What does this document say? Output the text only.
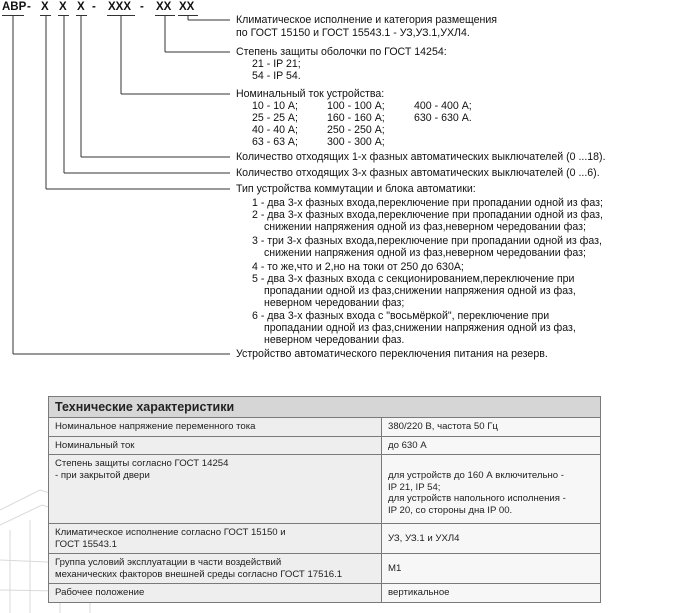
АВР - Х Х Х - ХХХ - ХХ ХХ
Климатическое исполнение и категория размещения
по ГОСТ 15150 и ГОСТ 15543.1 - УЗ,УЗ.1,УХЛ4.
Степень защиты оболочки по ГОСТ 14254:
21 - IP 21;
54 - IP 54.
Номинальный ток устройства:
10 - 10 А;	100 - 100 А;	400 - 400 А;
25 - 25 А;	160 - 160 А;	630 - 630 А.
40 - 40 А;	250 - 250 А;
63 - 63 А;	300 - 300 А;
Количество отходящих 1-х фазных автоматических выключателей (0 ...18).
Количество отходящих 3-х фазных автоматических выключателей (0 ...6).
Тип устройства коммутации и блока автоматики:
1 - два 3-х фазных входа,переключение при пропадании одной из фаз;
2 - два 3-х фазных входа,переключение при пропадании одной из фаз,
снижении напряжения одной из фаз,неверном чередовании фаз;
3 - три 3-х фазных входа,переключение при пропадании одной из фаз,
снижении напряжения одной из фаз,неверном чередовании фаз;
4 - то же,что и 2,но на токи от 250 до 630А;
5 - два 3-х фазных входа с секционированием,переключение при
пропадании одной из фаз,снижении напряжения одной из фаз,
неверном чередовании фаз;
6 - два 3-х фазных входа с "восьмёркой", переключение при
пропадании одной из фаз,снижении напряжения одной из фаз,
неверном чередовании фаз.
Устройство автоматического переключения питания на резерв.
Технические характеристики	

Номинальное напряжение переменного тока	380/220 В, частота 50 Гц

Номинальный ток	до 630 А

Степень защиты согласно ГОСТ 14254
- при закрытой двери	для устройств до 160 А включительно -
IP 21, IP 54;
для устройств напольного исполнения -
IP 20, со стороны дна IP 00.

Климатическое исполнение согласно ГОСТ 15150 и
ГОСТ 15543.1	УЗ, УЗ.1 и УХЛ4

Группа условий эксплуатации в части воздействий
механических факторов внешней среды согласно ГОСТ 17516.1	М1

Рабочее положение	вертикальное
